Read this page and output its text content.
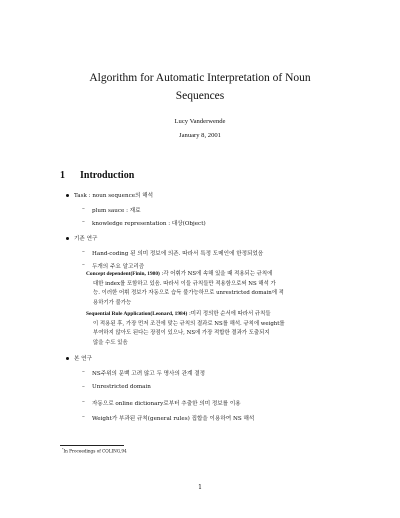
Algorithm for Automatic Interpretation of Noun
Sequences
Lucy Vanderwende
January 8, 2001
1 Introduction
Task : noun sequence의 해석
– plum sauce : 재료
– knowledge representation : 대상(Object)
기존 연구
– Hand-coding 된 의미 정보에 의존. 따라서 특정 도메인에 한정되었음
– 두개의 주요 알고리즘
Concept dependent(Finin, 1980) :각 어휘가 NS에 속해 있을 때 적용되는 규칙에
대한 index를 포함하고 있음. 따라서 이들 규칙들만 적용함으로써 NS 해석 가
능. 이러한 어휘 정보가 자동으로 습득 불가능하므로 unrestricted domain에 적
용하기가 불가능
Sequential Rule Application(Leonard, 1984) :미리 정의한 순서에 따라서 규칙들
이 적용된 후, 가장 먼저 조건에 맞는 규칙의 결과로 NS를 해석. 규칙에 weight를
부여하지 않아도 된다는 장점이 있으나, NS에 가장 적합한 결과가 도출되지
않을 수도 있음
본 연구
– NS주위의 문백 고려 않고 두 명사의 관계 결정
– Unrestricted domain
– 자동으로 online dictionary로부터 추출한 의미 정보를 이용
– Weight가 부과된 규칙(general rules) 집합을 이용하여 NS 해석
*In Proceedings of COLING,94
1
